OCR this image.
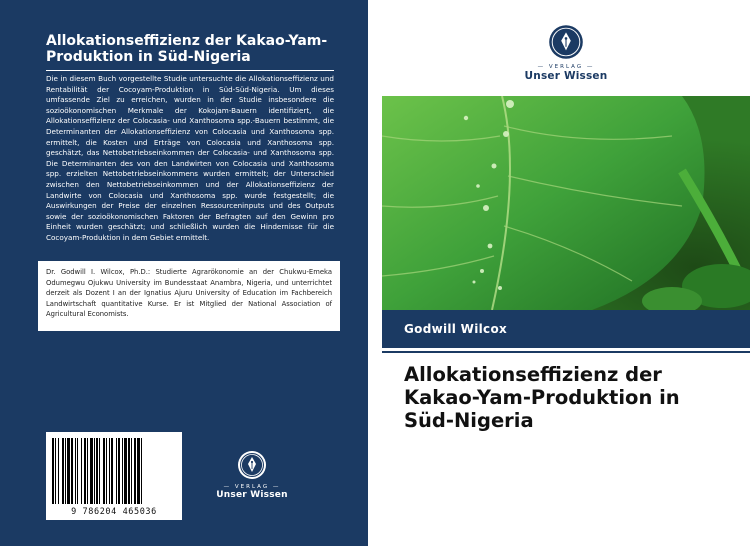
Allokationseffizienz der Kakao-Yam-Produktion in Süd-Nigeria
Die in diesem Buch vorgestellte Studie untersuchte die Allokationseffizienz und Rentabilität der Cocoyam-Produktion in Süd-Süd-Nigeria. Um dieses umfassende Ziel zu erreichen, wurden in der Studie insbesondere die sozioökonomischen Merkmale der Kokojam-Bauern identifiziert, die Allokationseffizienz der Colocasia- und Xanthosoma spp.-Bauern bestimmt, die Determinanten der Allokationseffizienz von Colocasia und Xanthosoma spp. ermittelt, die Kosten und Erträge von Colocasia und Xanthosoma spp. geschätzt, das Nettobetriebseinkommen der Colocasia- und Xanthosoma spp. Die Determinanten des von den Landwirten von Colocasia und Xanthosoma spp. erzielten Nettobetriebseinkommens wurden ermittelt; der Unterschied zwischen den Nettobetriebseinkommen und der Allokationseffizienz der Landwirte von Colocasia und Xanthosoma spp. wurde festgestellt; die Auswirkungen der Preise der einzelnen Ressourceninputs und des Outputs sowie der sozioökonomischen Faktoren der Befragten auf den Gewinn pro Einheit wurden geschätzt; und schließlich wurden die Hindernisse für die Cocoyam-Produktion in dem Gebiet ermittelt.
Dr. Godwill I. Wilcox, Ph.D.: Studierte Agrarökonomie an der Chukwu-Emeka Odumegwu Ojukwu University im Bundesstaat Anambra, Nigeria, und unterrichtet derzeit als Dozent I an der Ignatius Ajuru University of Education im Fachbereich Landwirtschaft quantitative Kurse. Er ist Mitglied der National Association of Agricultural Economists.
9 786204 465036
— VERLAG —
Unser Wissen
— VERLAG —
Unser Wissen
Godwill Wilcox
Allokationseffizienz der Kakao-Yam-Produktion in Süd-Nigeria
